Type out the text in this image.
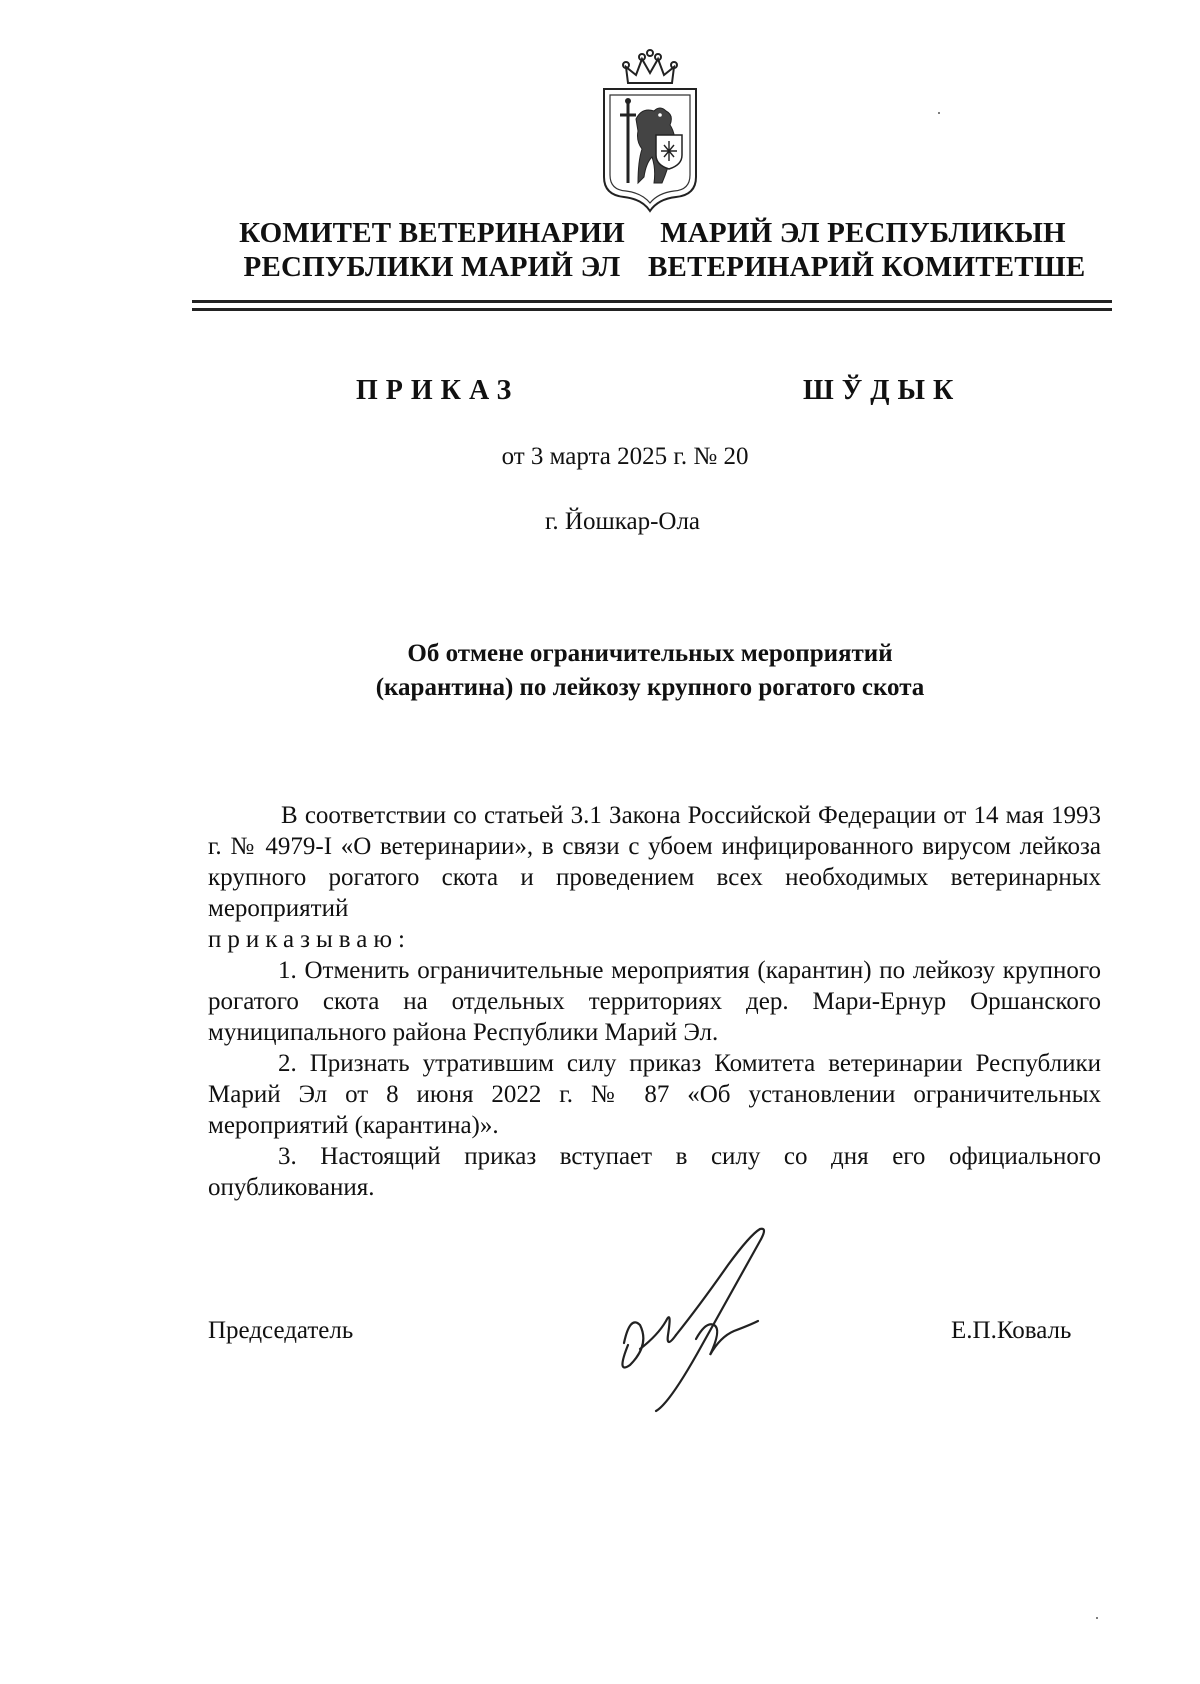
КОМИТЕТ ВЕТЕРИНАРИИ
РЕСПУБЛИКИ МАРИЙ ЭЛ
МАРИЙ ЭЛ РЕСПУБЛИКЫН
ВЕТЕРИНАРИЙ КОМИТЕТШЕ
ПРИКАЗ	ШЎДЫК
от 3 марта 2025 г. № 20
г. Йошкар-Ола
Об отмене ограничительных мероприятий
(карантина) по лейкозу крупного рогатого скота

В соответствии со статьей 3.1 Закона Российской Федерации от 14 мая 1993 г. № 4979-I «О ветеринарии», в связи с убоем инфицированного вирусом лейкоза крупного рогатого скота и проведением всех необходимых ветеринарных мероприятий

приказываю:

1. Отменить ограничительные мероприятия (карантин) по лейкозу крупного рогатого скота на отдельных территориях дер. Мари-Ернур Оршанского муниципального района Республики Марий Эл.

2. Признать утратившим силу приказ Комитета ветеринарии Республики Марий Эл от 8 июня 2022 г. № 87 «Об установлении ограничительных мероприятий (карантина)».

3. Настоящий приказ вступает в силу со дня его официального опубликования.

Председатель	Е.П.Коваль
